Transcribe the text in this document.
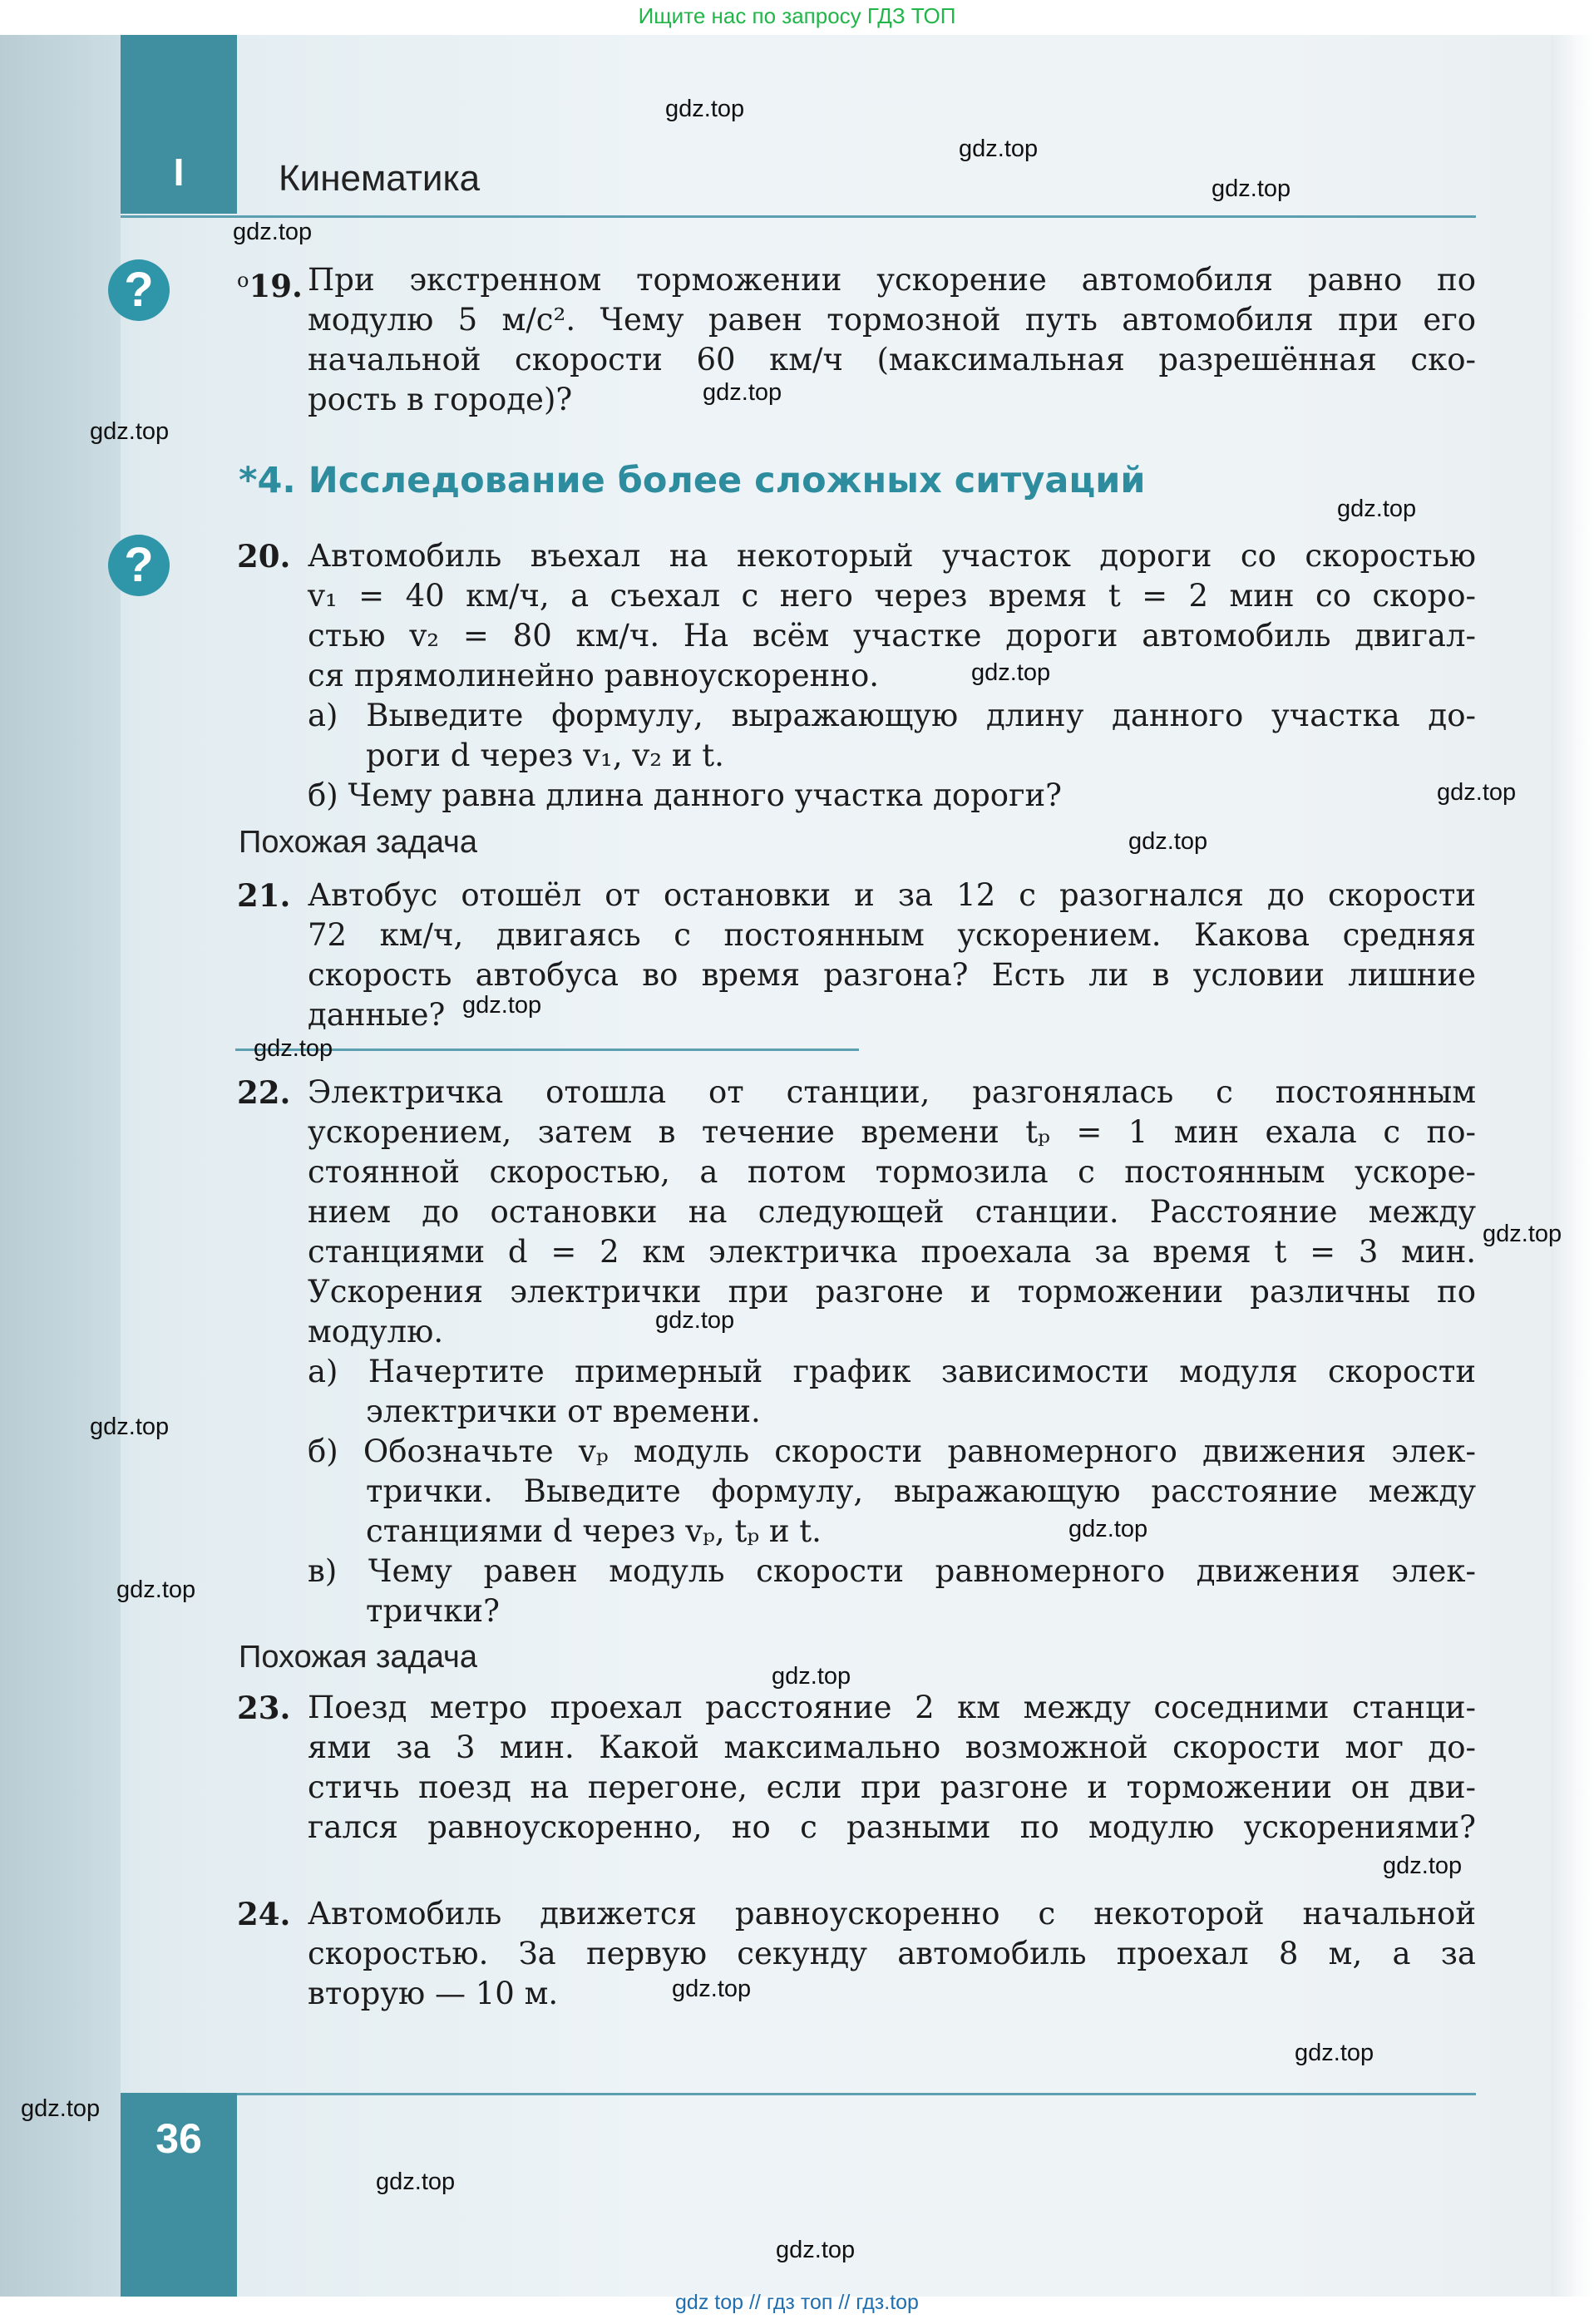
Ищите нас по запросу ГДЗ ТОП
I	Кинематика
?
?
$^о$19. При экстренном торможении ускорение автомобиля равно по
модулю 5 м/с². Чему равен тормозной путь автомобиля при его
начальной скорости 60 км/ч (максимальная разрешённая ско-
рость в городе)?
*4. Исследование более сложных ситуаций
20. Автомобиль въехал на некоторый участок дороги со скоростью
v₁ = 40 км/ч, а съехал с него через время t = 2 мин со скоро-
стью v₂ = 80 км/ч. На всём участке дороги автомобиль двигал-
ся прямолинейно равноускоренно.
а) Выведите формулу, выражающую длину данного участка до-
роги d через v₁, v₂ и t.
б) Чему равна длина данного участка дороги?
Похожая задача
21. Автобус отошёл от остановки и за 12 с разогнался до скорости
72 км/ч, двигаясь с постоянным ускорением. Какова средняя
скорость автобуса во время разгона? Есть ли в условии лишние
данные?
22. Электричка отошла от станции, разгонялась с постоянным
ускорением, затем в течение времени tₚ = 1 мин ехала с по-
стоянной скоростью, а потом тормозила с постоянным ускоре-
нием до остановки на следующей станции. Расстояние между
станциями d = 2 км электричка проехала за время t = 3 мин.
Ускорения электрички при разгоне и торможении различны по
модулю.
а) Начертите примерный график зависимости модуля скорости
электрички от времени.
б) Обозначьте vₚ модуль скорости равномерного движения элек-
трички. Выведите формулу, выражающую расстояние между
станциями d через vₚ, tₚ и t.
в) Чему равен модуль скорости равномерного движения элек-
трички?
Похожая задача
23. Поезд метро проехал расстояние 2 км между соседними станци-
ями за 3 мин. Какой максимально возможной скорости мог до-
стичь поезд на перегоне, если при разгоне и торможении он дви-
гался равноускоренно, но с разными по модулю ускорениями?
24. Автомобиль движется равноускоренно с некоторой начальной
скоростью. За первую секунду автомобиль проехал 8 м, а за
вторую — 10 м.
36
gdz.top
gdz.top
gdz.top
gdz.top
gdz.top
gdz.top
gdz.top
gdz.top
gdz.top
gdz.top
gdz.top
gdz.top
gdz.top
gdz.top
gdz.top
gdz.top
gdz.top
gdz.top
gdz.top
gdz.top
gdz.top
gdz.top
gdz.top
gdz.top
gdz top // гдз топ // гдз.top
